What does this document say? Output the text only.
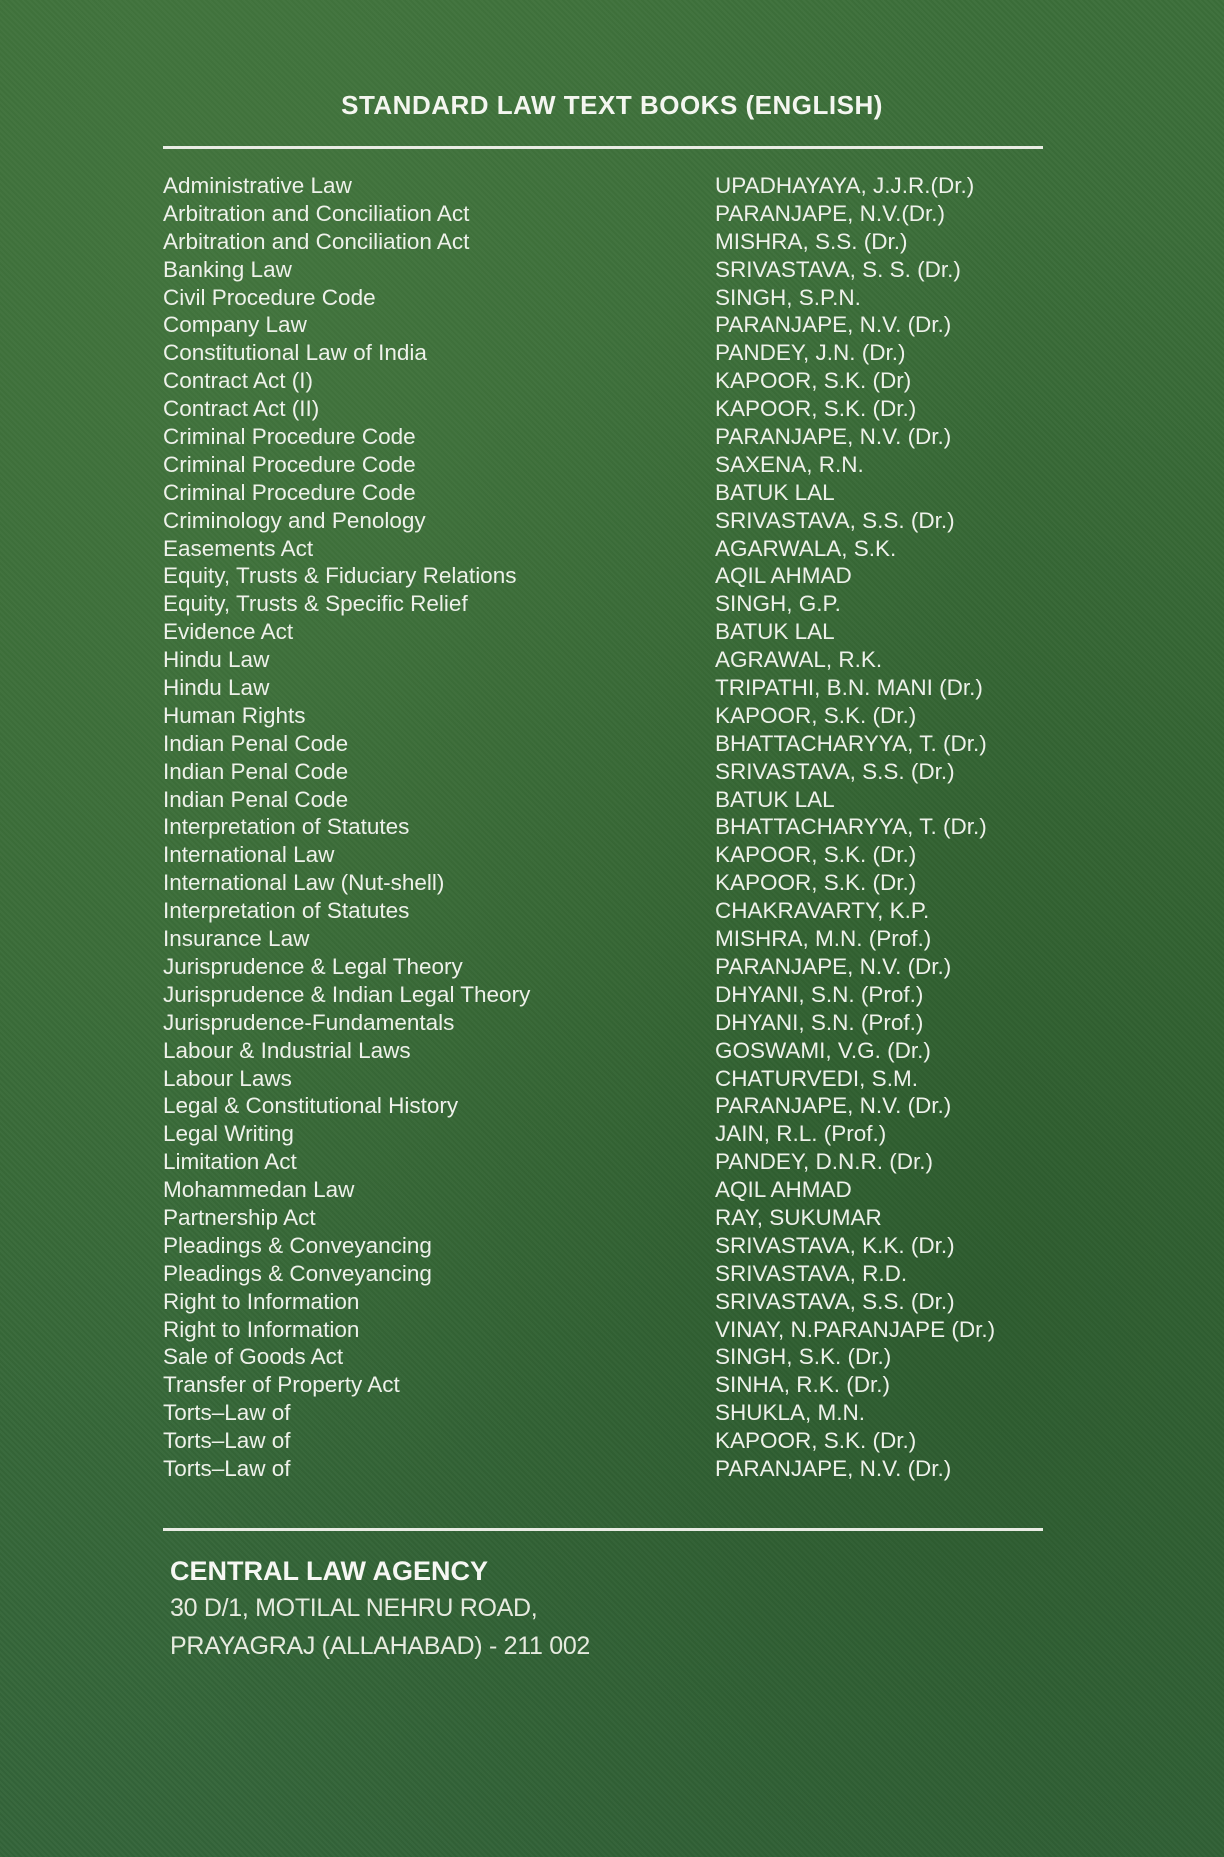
STANDARD LAW TEXT BOOKS (ENGLISH)
Administrative Law	UPADHAYAYA, J.J.R.(Dr.)
Arbitration and Conciliation Act	PARANJAPE, N.V.(Dr.)
Arbitration and Conciliation Act	MISHRA, S.S. (Dr.)
Banking Law	SRIVASTAVA, S. S. (Dr.)
Civil Procedure Code	SINGH, S.P.N.
Company Law	PARANJAPE, N.V. (Dr.)
Constitutional Law of India	PANDEY, J.N. (Dr.)
Contract Act (I)	KAPOOR, S.K. (Dr)
Contract Act (II)	KAPOOR, S.K. (Dr.)
Criminal Procedure Code	PARANJAPE, N.V. (Dr.)
Criminal Procedure Code	SAXENA, R.N.
Criminal Procedure Code	BATUK LAL
Criminology and Penology	SRIVASTAVA, S.S. (Dr.)
Easements Act	AGARWALA, S.K.
Equity, Trusts & Fiduciary Relations	AQIL AHMAD
Equity, Trusts & Specific Relief	SINGH, G.P.
Evidence Act	BATUK LAL
Hindu Law	AGRAWAL, R.K.
Hindu Law	TRIPATHI, B.N. MANI (Dr.)
Human Rights	KAPOOR, S.K. (Dr.)
Indian Penal Code	BHATTACHARYYA, T. (Dr.)
Indian Penal Code	SRIVASTAVA, S.S. (Dr.)
Indian Penal Code	BATUK LAL
Interpretation of Statutes	BHATTACHARYYA, T. (Dr.)
International Law	KAPOOR, S.K. (Dr.)
International Law (Nut-shell)	KAPOOR, S.K. (Dr.)
Interpretation of Statutes	CHAKRAVARTY, K.P.
Insurance Law	MISHRA, M.N. (Prof.)
Jurisprudence & Legal Theory	PARANJAPE, N.V. (Dr.)
Jurisprudence & Indian Legal Theory	DHYANI, S.N. (Prof.)
Jurisprudence-Fundamentals	DHYANI, S.N. (Prof.)
Labour & Industrial Laws	GOSWAMI, V.G. (Dr.)
Labour Laws	CHATURVEDI, S.M.
Legal & Constitutional History	PARANJAPE, N.V. (Dr.)
Legal Writing	JAIN, R.L. (Prof.)
Limitation Act	PANDEY, D.N.R. (Dr.)
Mohammedan Law	AQIL AHMAD
Partnership Act	RAY, SUKUMAR
Pleadings & Conveyancing	SRIVASTAVA, K.K. (Dr.)
Pleadings & Conveyancing	SRIVASTAVA, R.D.
Right to Information	SRIVASTAVA, S.S. (Dr.)
Right to Information	VINAY, N.PARANJAPE (Dr.)
Sale of Goods Act	SINGH, S.K. (Dr.)
Transfer of Property Act	SINHA, R.K. (Dr.)
Torts–Law of	SHUKLA, M.N.
Torts–Law of	KAPOOR, S.K. (Dr.)
Torts–Law of	PARANJAPE, N.V. (Dr.)
CENTRAL LAW AGENCY
30 D/1, MOTILAL NEHRU ROAD,
PRAYAGRAJ (ALLAHABAD) - 211 002
